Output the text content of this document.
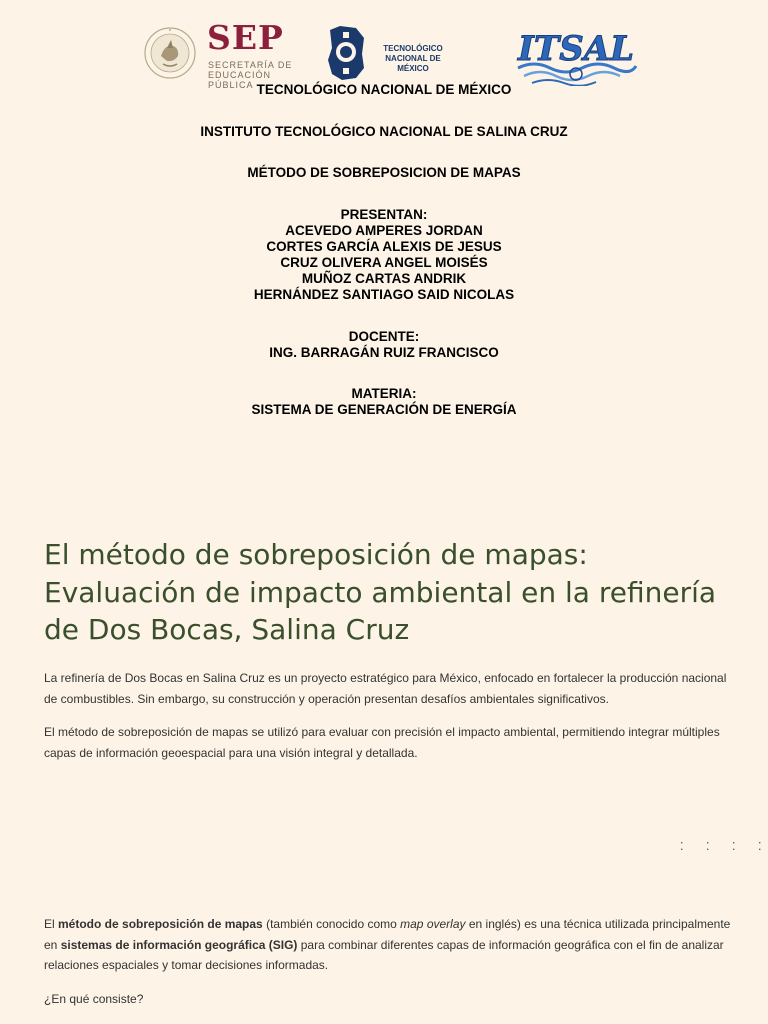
SEP
SECRETARÍA DE
EDUCACIÓN PÚBLICA
TECNOLÓGICO
NACIONAL DE MÉXICO	ITSAL
TECNOLÓGICO NACIONAL DE MÉXICO
INSTITUTO TECNOLÓGICO NACIONAL DE SALINA CRUZ
MÉTODO DE SOBREPOSICION DE MAPAS
PRESENTAN:
ACEVEDO AMPERES JORDAN
CORTES GARCÍA ALEXIS DE JESUS
CRUZ OLIVERA ANGEL MOISÉS
MUÑOZ CARTAS ANDRIK
HERNÁNDEZ SANTIAGO SAID NICOLAS
DOCENTE:
ING. BARRAGÁN RUIZ FRANCISCO
MATERIA:
SISTEMA DE GENERACIÓN DE ENERGÍA
El método de sobreposición de mapas: Evaluación de impacto ambiental en la refinería de Dos Bocas, Salina Cruz

La refinería de Dos Bocas en Salina Cruz es un proyecto estratégico para México, enfocado en fortalecer la producción nacional de combustibles. Sin embargo, su construcción y operación presentan desafíos ambientales significativos.

El método de sobreposición de mapas se utilizó para evaluar con precisión el impacto ambiental, permitiendo integrar múltiples capas de información geoespacial para una visión integral y detallada.

⁚ ⁚ ⁚ ⁚

El método de sobreposición de mapas (también conocido como map overlay en inglés) es una técnica utilizada principalmente en sistemas de información geográfica (SIG) para combinar diferentes capas de información geográfica con el fin de analizar relaciones espaciales y tomar decisiones informadas.

¿En qué consiste?
